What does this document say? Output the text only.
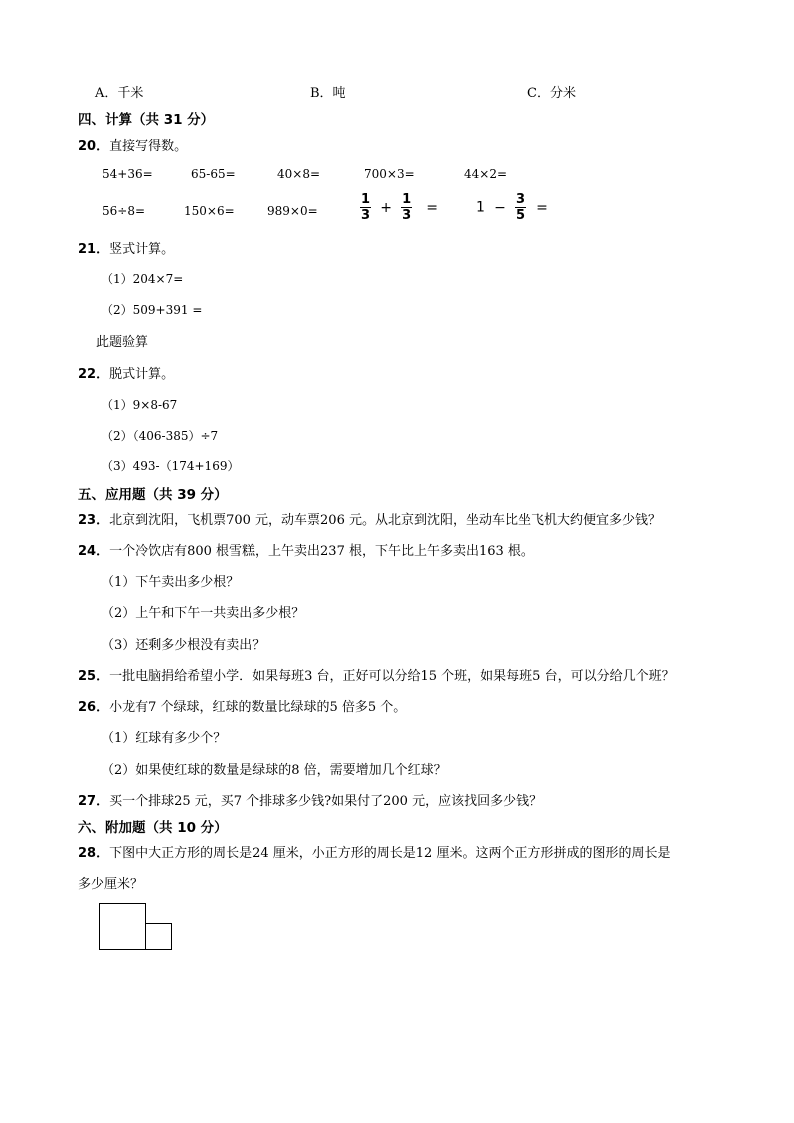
A．千米	B．吨	C．分米
四、计算（共 31 分）
20．直接写得数。
54+36=	65-65=	40×8=	700×3=	44×2=
56÷8=	150×6=	989×0=	$\frac{1}{3} + \frac{1}{3}$ =	$1 - \frac{3}{5}$ =
21．竖式计算。
（1）204×7=
（2）509+391 =
此题验算
22．脱式计算。
（1）9×8-67
（2）（406-385）÷7
（3）493-（174+169）
五、应用题（共 39 分）
23．北京到沈阳，飞机票700 元，动车票206 元。从北京到沈阳，坐动车比坐飞机大约便宜多少钱？
24．一个冷饮店有800 根雪糕，上午卖出237 根，下午比上午多卖出163 根。
（1）下午卖出多少根？
（2）上午和下午一共卖出多少根？
（3）还剩多少根没有卖出？
25．一批电脑捐给希望小学．如果每班3 台，正好可以分给15 个班，如果每班5 台，可以分给几个班？
26．小龙有7 个绿球，红球的数量比绿球的5 倍多5 个。
（1）红球有多少个？
（2）如果使红球的数量是绿球的8 倍，需要增加几个红球？
27．买一个排球25 元，买7 个排球多少钱?如果付了200 元，应该找回多少钱？
六、附加题（共 10 分）
28．下图中大正方形的周长是24 厘米，小正方形的周长是12 厘米。这两个正方形拼成的图形的周长是
多少厘米？
